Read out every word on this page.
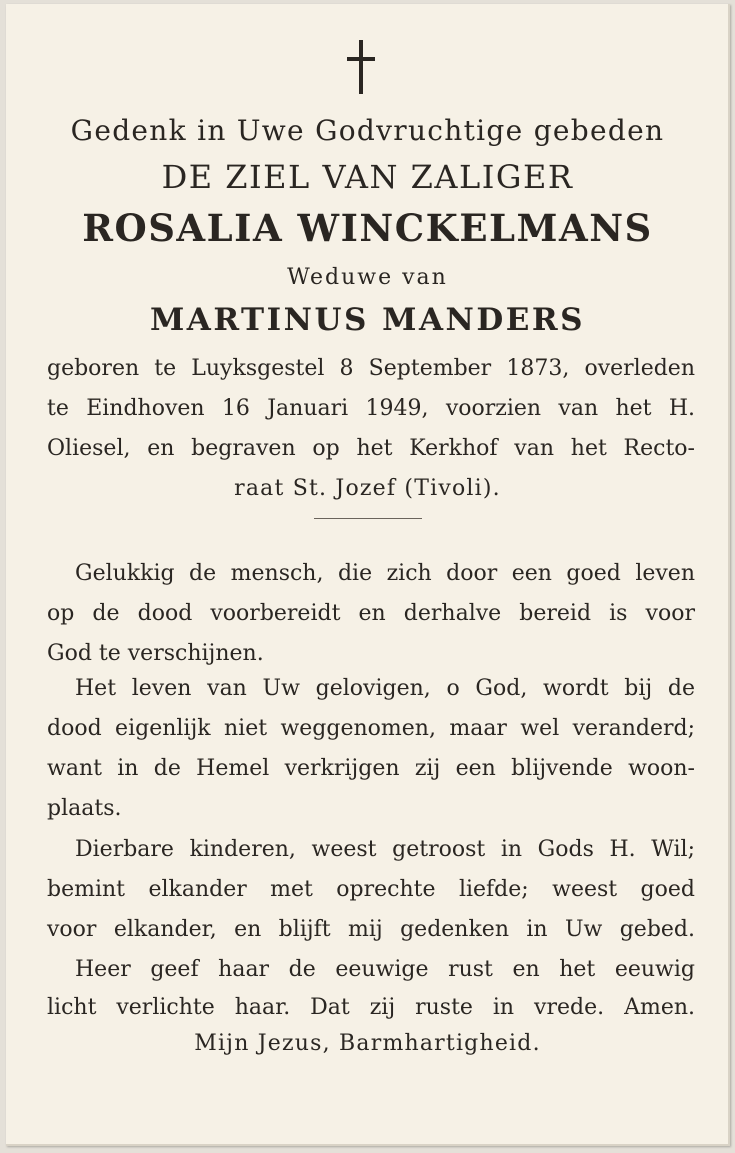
Gedenk in Uwe Godvruchtige gebeden
DE ZIEL VAN ZALIGER
ROSALIA WINCKELMANS
Weduwe van
MARTINUS MANDERS
geboren te Luyksgestel 8 September 1873, overleden
te Eindhoven 16 Januari 1949, voorzien van het H.
Oliesel, en begraven op het Kerkhof van het Recto-
raat St. Jozef (Tivoli).
Gelukkig de mensch, die zich door een goed leven
op de dood voorbereidt en derhalve bereid is voor
God te verschijnen.
Het leven van Uw gelovigen, o God, wordt bij de
dood eigenlijk niet weggenomen, maar wel veranderd;
want in de Hemel verkrijgen zij een blijvende woon-
plaats.
Dierbare kinderen, weest getroost in Gods H. Wil;
bemint elkander met oprechte liefde; weest goed
voor elkander, en blijft mij gedenken in Uw gebed.
Heer geef haar de eeuwige rust en het eeuwig
licht verlichte haar. Dat zij ruste in vrede. Amen.
Mijn Jezus, Barmhartigheid.
